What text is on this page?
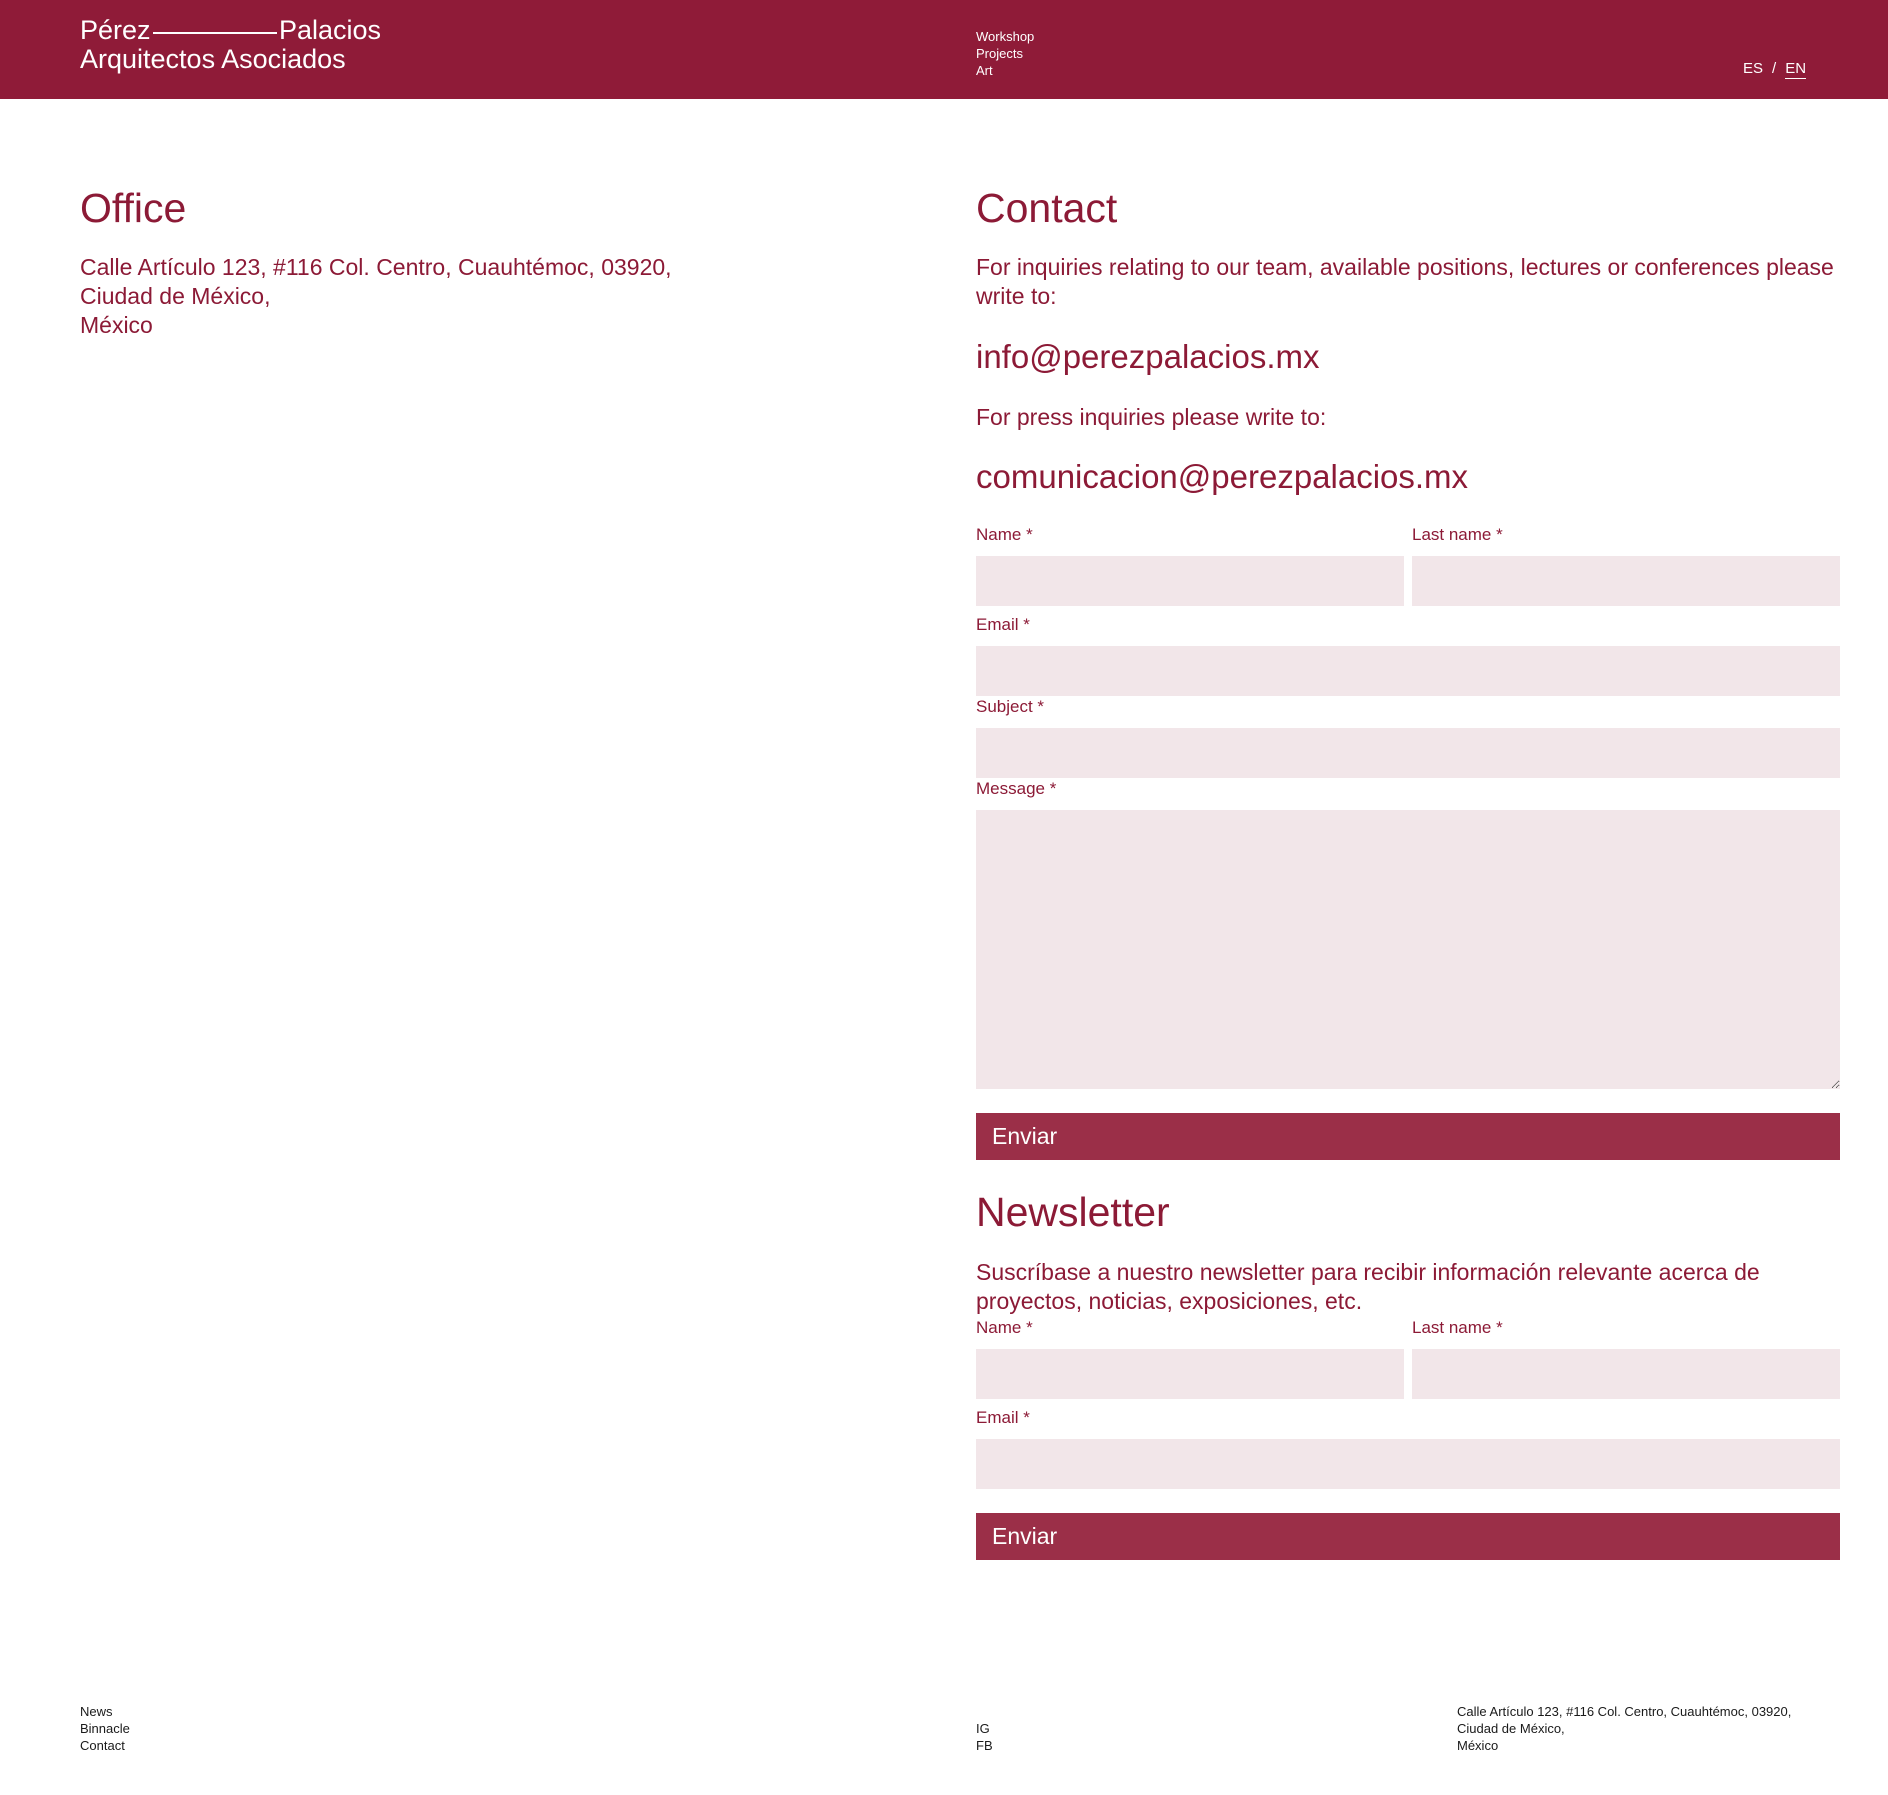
Pérez	Palacios
Arquitectos Asociados
Workshop
Projects
Art	ES / EN
Office
Calle Artículo 123, #116 Col. Centro, Cuauhtémoc, 03920,
Ciudad de México,
México
Contact
For inquiries relating to our team, available positions, lectures or conferences please write to:
info@perezpalacios.mx
For press inquiries please write to:
comunicacion@perezpalacios.mx
Name *	Last name *
Email *
Subject *
Message *
Enviar
Newsletter
Suscríbase a nuestro newsletter para recibir información relevante acerca de proyectos, noticias, exposiciones, etc.
Name *	Last name *
Email *
Enviar
News
Binnacle
Contact
IG
FB
Calle Artículo 123, #116 Col. Centro, Cuauhtémoc, 03920,
Ciudad de México,
México
